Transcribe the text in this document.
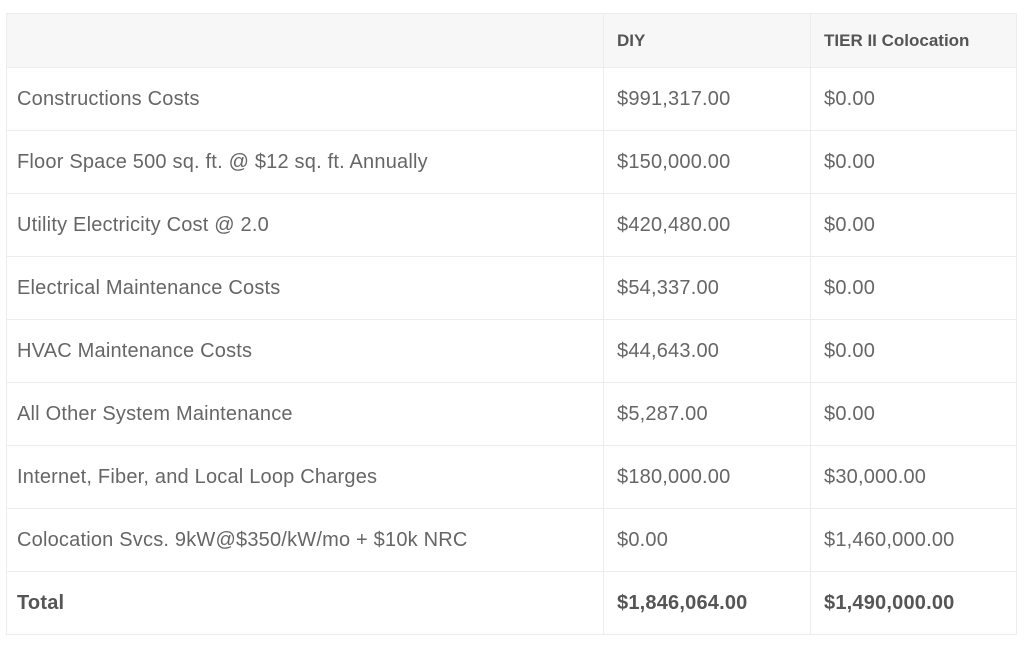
	DIY	TIER II Colocation
Constructions Costs	$991,317.00	$0.00
Floor Space 500 sq. ft. @ $12 sq. ft. Annually	$150,000.00	$0.00
Utility Electricity Cost @ 2.0	$420,480.00	$0.00
Electrical Maintenance Costs	$54,337.00	$0.00
HVAC Maintenance Costs	$44,643.00	$0.00
All Other System Maintenance	$5,287.00	$0.00
Internet, Fiber, and Local Loop Charges	$180,000.00	$30,000.00
Colocation Svcs. 9kW@$350/kW/mo + $10k NRC	$0.00	$1,460,000.00
Total	$1,846,064.00	$1,490,000.00
